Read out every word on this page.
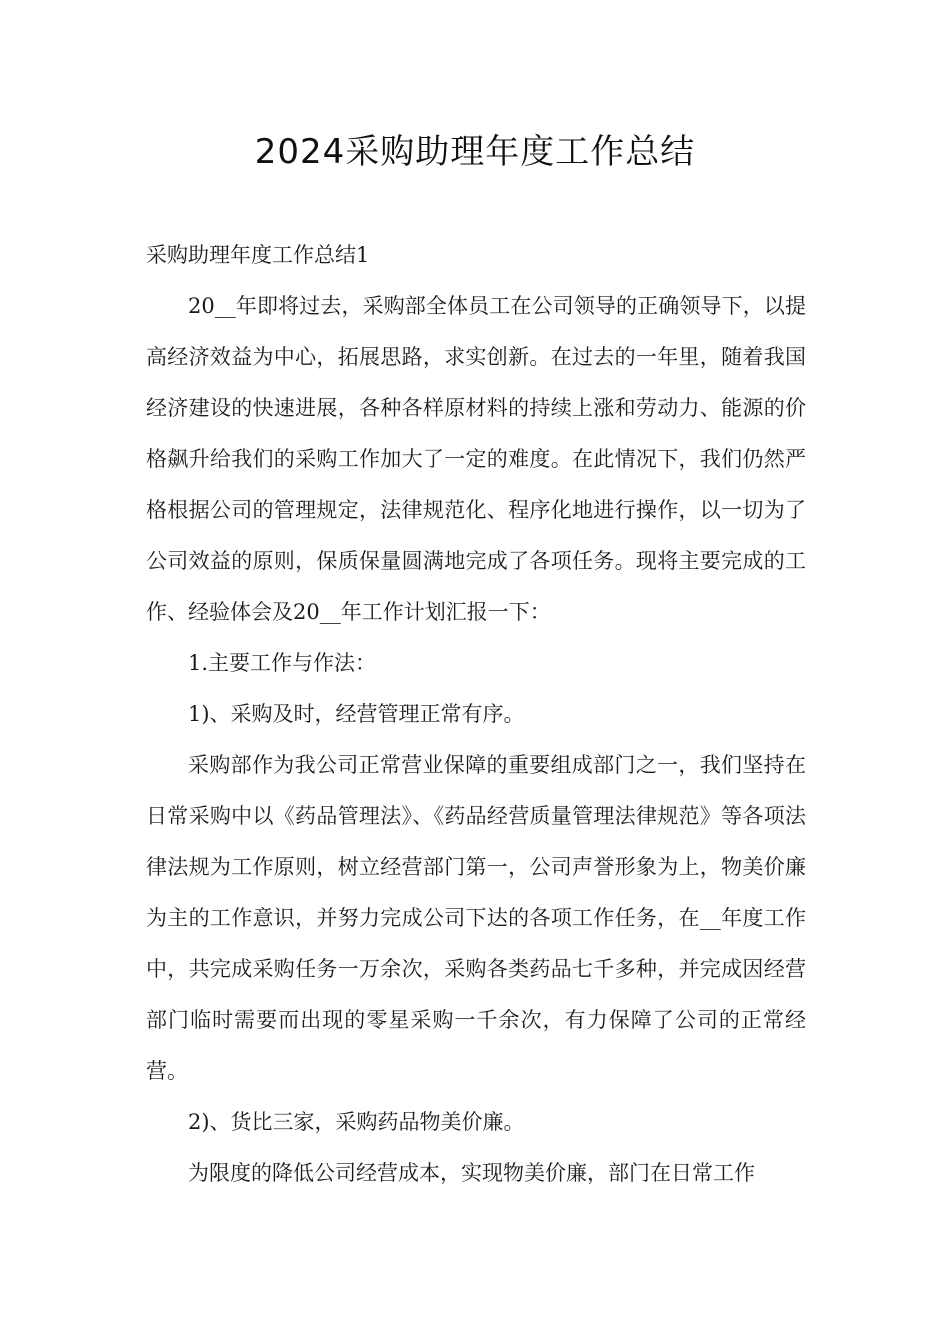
2024采购助理年度工作总结

采购助理年度工作总结1

20__年即将过去，采购部全体员工在公司领导的正确领导下，以提高经济效益为中心，拓展思路，求实创新。在过去的一年里，随着我国经济建设的快速进展，各种各样原材料的持续上涨和劳动力、能源的价格飙升给我们的采购工作加大了一定的难度。在此情况下，我们仍然严格根据公司的管理规定，法律规范化、程序化地进行操作，以一切为了公司效益的原则，保质保量圆满地完成了各项任务。现将主要完成的工作、经验体会及20__年工作计划汇报一下：

1.主要工作与作法：

1)、采购及时，经营管理正常有序。

采购部作为我公司正常营业保障的重要组成部门之一，我们坚持在日常采购中以《药品管理法》、《药品经营质量管理法律规范》等各项法律法规为工作原则，树立经营部门第一，公司声誉形象为上，物美价廉为主的工作意识，并努力完成公司下达的各项工作任务，在__年度工作中，共完成采购任务一万余次，采购各类药品七千多种，并完成因经营部门临时需要而出现的零星采购一千余次，有力保障了公司的正常经营。

2)、货比三家，采购药品物美价廉。

为限度的降低公司经营成本，实现物美价廉，部门在日常工作
